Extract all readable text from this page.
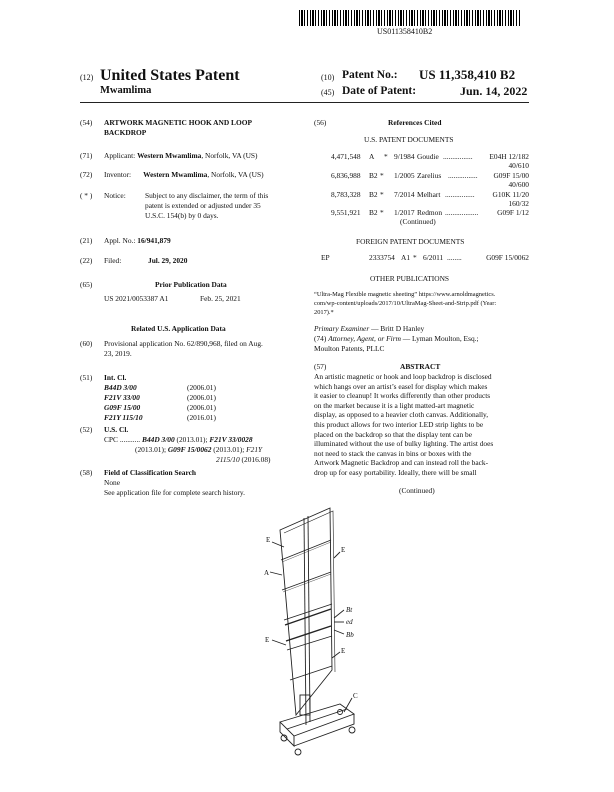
US011358410B2
(12) United States Patent
Mwamlima
(10) Patent No.: US 11,358,410 B2
(45) Date of Patent:	Jun. 14, 2022
(54) ARTWORK MAGNETIC HOOK AND LOOP
BACKDROP
(71) Applicant: Western Mwamlima, Norfolk, VA (US)
(72) Inventor: Western Mwamlima, Norfolk, VA (US)
( * ) Notice:	Subject to any disclaimer, the term of this
patent is extended or adjusted under 35
U.S.C. 154(b) by 0 days.
(21) Appl. No.: 16/941,879
(22) Filed:	Jul. 29, 2020
(65)	Prior Publication Data
US 2021/0053387 A1	Feb. 25, 2021
Related U.S. Application Data
(60) Provisional application No. 62/890,968, filed on Aug.
23, 2019.
(51) Int. Cl.
B44D 3/00	(2006.01)
F21V 33/00	(2006.01)
G09F 15/00	(2006.01)
F21Y 115/10	(2016.01)
(52) U.S. Cl.
CPC ........... B44D 3/00 (2013.01); F21V 33/0028
(2013.01); G09F 15/0062 (2013.01); F21Y
2115/10 (2016.08)
(58) Field of Classification Search
None
See application file for complete search history.
(56)	References Cited
U.S. PATENT DOCUMENTS
4,471,548 A * 9/1984 Goudie ................ E04H 12/182
40/610
6,836,988 B2 * 1/2005 Zarelius ................ G09F 15/00
40/600
8,783,328 B2 * 7/2014 Melhart ................ G10K 11/20
160/32
9,551,921 B2 * 1/2017 Redmon ..................	G09F 1/12
(Continued)
FOREIGN PATENT DOCUMENTS
EP	2333754 A1 * 6/2011 ........	G09F 15/0062
OTHER PUBLICATIONS
“Ultra-Mag Flexible magnetic sheeting” https://www.arnoldmagnetics.
com/wp-content/uploads/2017/10/UltraMag-Sheet-and-Strip.pdf (Year:
2017).*
Primary Examiner — Britt D Hanley
(74) Attorney, Agent, or Firm — Lyman Moulton, Esq.;
Moulton Patents, PLLC
(57)	ABSTRACT
An artistic magnetic or hook and loop backdrop is disclosed
which hangs over an artist’s easel for display which makes
it easier to cleanup! It works differently than other products
on the market because it is a light matted-art magnetic
display, as opposed to a heavier cloth canvas. Additionally,
this product allows for two interior LED strip lights to be
placed on the backdrop so that the display tent can be
illuminated without the use of bulky lighting. The artist does
not need to stack the canvas in bins or boxes with the
Artwork Magnetic Backdrop and can instead roll the back-
drop up for easy portability. Ideally, there will be small
(Continued)
A
E
E
E
E
Bt
ed
Bb
C
